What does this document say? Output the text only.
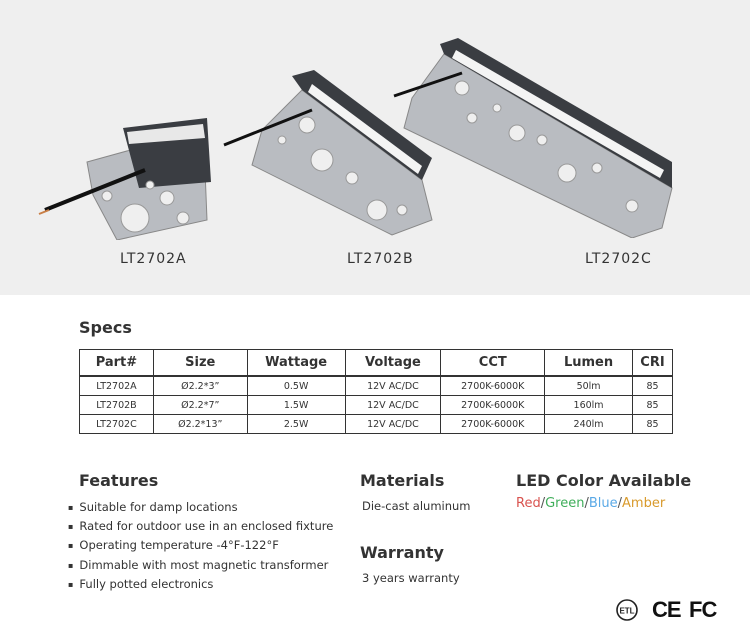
LT2702A	LT2702B	LT2702C
Specs
Part#	Size	Wattage	Voltage	CCT	Lumen	CRI
LT2702A	Ø2.2*3”	0.5W	12V AC/DC	2700K-6000K	50lm	85
LT2702B	Ø2.2*7”	1.5W	12V AC/DC	2700K-6000K	160lm	85
LT2702C	Ø2.2*13”	2.5W	12V AC/DC	2700K-6000K	240lm	85
Features
▪ Suitable for damp locations
▪ Rated for outdoor use in an enclosed fixture
▪ Operating temperature -4°F-122°F
▪ Dimmable with most magnetic transformer
▪ Fully potted electronics
Materials
Die-cast aluminum
Warranty
3 years warranty
LED Color Available
Red/Green/Blue/Amber
ETL CE FC
